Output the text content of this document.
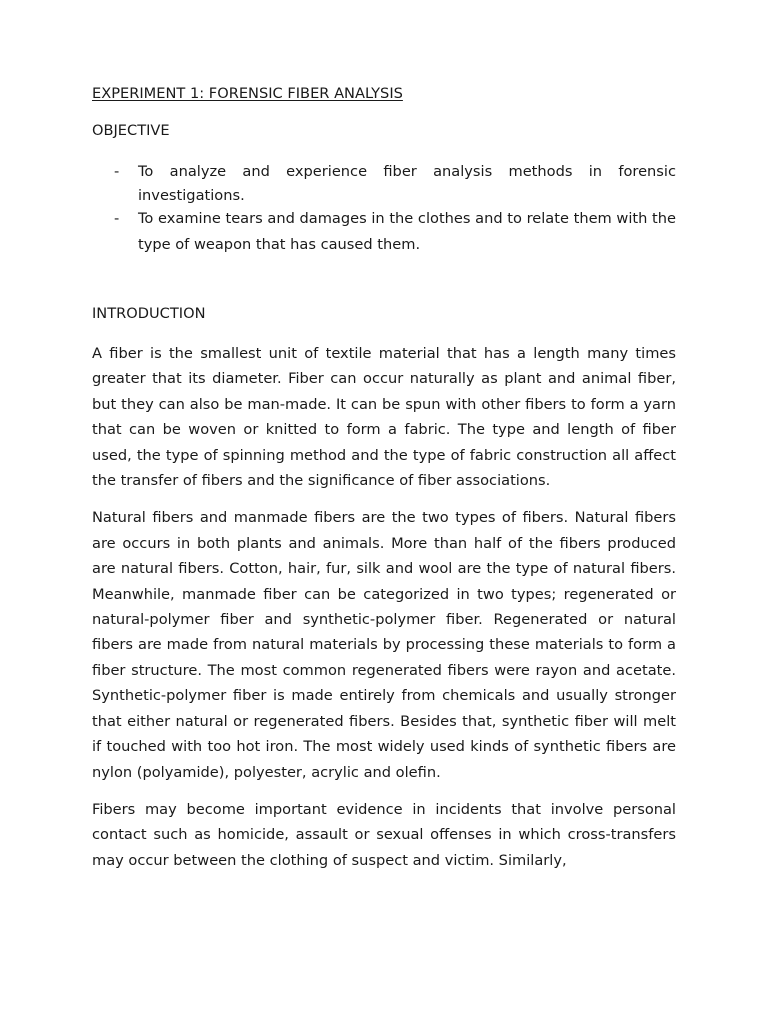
EXPERIMENT 1: FORENSIC FIBER ANALYSIS
OBJECTIVE
- To analyze and experience fiber analysis methods in forensic investigations.
- To examine tears and damages in the clothes and to relate them with the type of weapon that has caused them.
INTRODUCTION

A fiber is the smallest unit of textile material that has a length many times greater that its diameter. Fiber can occur naturally as plant and animal fiber, but they can also be man-made. It can be spun with other fibers to form a yarn that can be woven or knitted to form a fabric. The type and length of fiber used, the type of spinning method and the type of fabric construction all affect the transfer of fibers and the significance of fiber associations.

Natural fibers and manmade fibers are the two types of fibers. Natural fibers are occurs in both plants and animals. More than half of the fibers produced are natural fibers. Cotton, hair, fur, silk and wool are the type of natural fibers. Meanwhile, manmade fiber can be categorized in two types; regenerated or natural-polymer fiber and synthetic-polymer fiber. Regenerated or natural fibers are made from natural materials by processing these materials to form a fiber structure. The most common regenerated fibers were rayon and acetate. Synthetic-polymer fiber is made entirely from chemicals and usually stronger that either natural or regenerated fibers. Besides that, synthetic fiber will melt if touched with too hot iron. The most widely used kinds of synthetic fibers are nylon (polyamide), polyester, acrylic and olefin.

Fibers may become important evidence in incidents that involve personal contact such as homicide, assault or sexual offenses in which cross-transfers may occur between the clothing of suspect and victim. Similarly,
